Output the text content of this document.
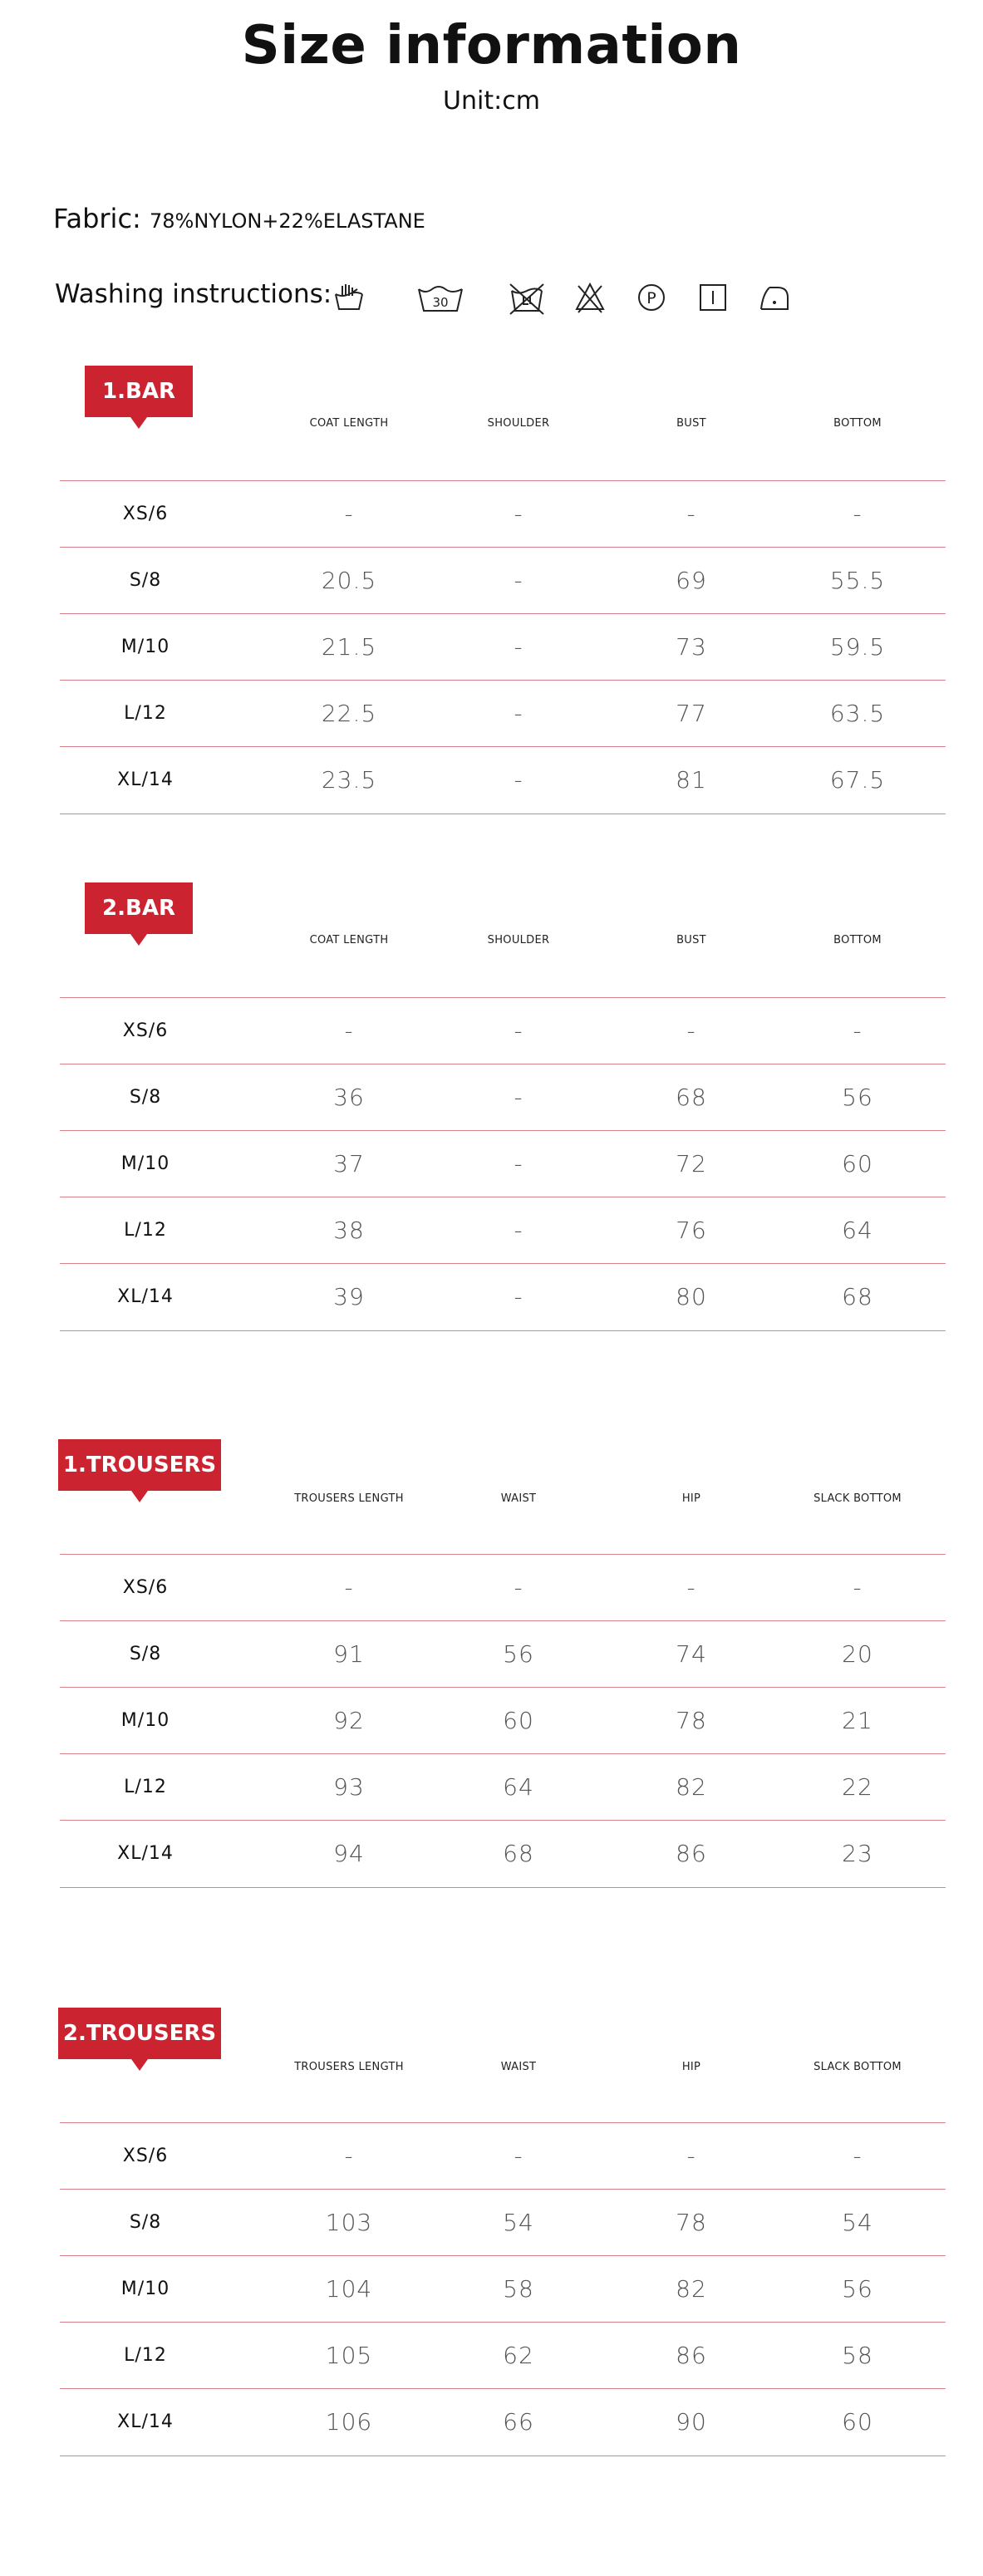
Size information
Unit:cm
Fabric: 78%NYLON+22%ELASTANE
Washing instructions:	30	P
1.BAR
COAT LENGTH	SHOULDER	BUST	BOTTOM
XS/6	-	-	-	-
S/8	20.5	-	69	55.5
M/10	21.5	-	73	59.5
L/12	22.5	-	77	63.5
XL/14	23.5	-	81	67.5
2.BAR
COAT LENGTH	SHOULDER	BUST	BOTTOM
XS/6	-	-	-	-
S/8	36	-	68	56
M/10	37	-	72	60
L/12	38	-	76	64
XL/14	39	-	80	68
1.TROUSERS
TROUSERS LENGTH	WAIST	HIP	SLACK BOTTOM
XS/6	-	-	-	-
S/8	91	56	74	20
M/10	92	60	78	21
L/12	93	64	82	22
XL/14	94	68	86	23
2.TROUSERS
TROUSERS LENGTH	WAIST	HIP	SLACK BOTTOM
XS/6	-	-	-	-
S/8	103	54	78	54
M/10	104	58	82	56
L/12	105	62	86	58
XL/14	106	66	90	60
